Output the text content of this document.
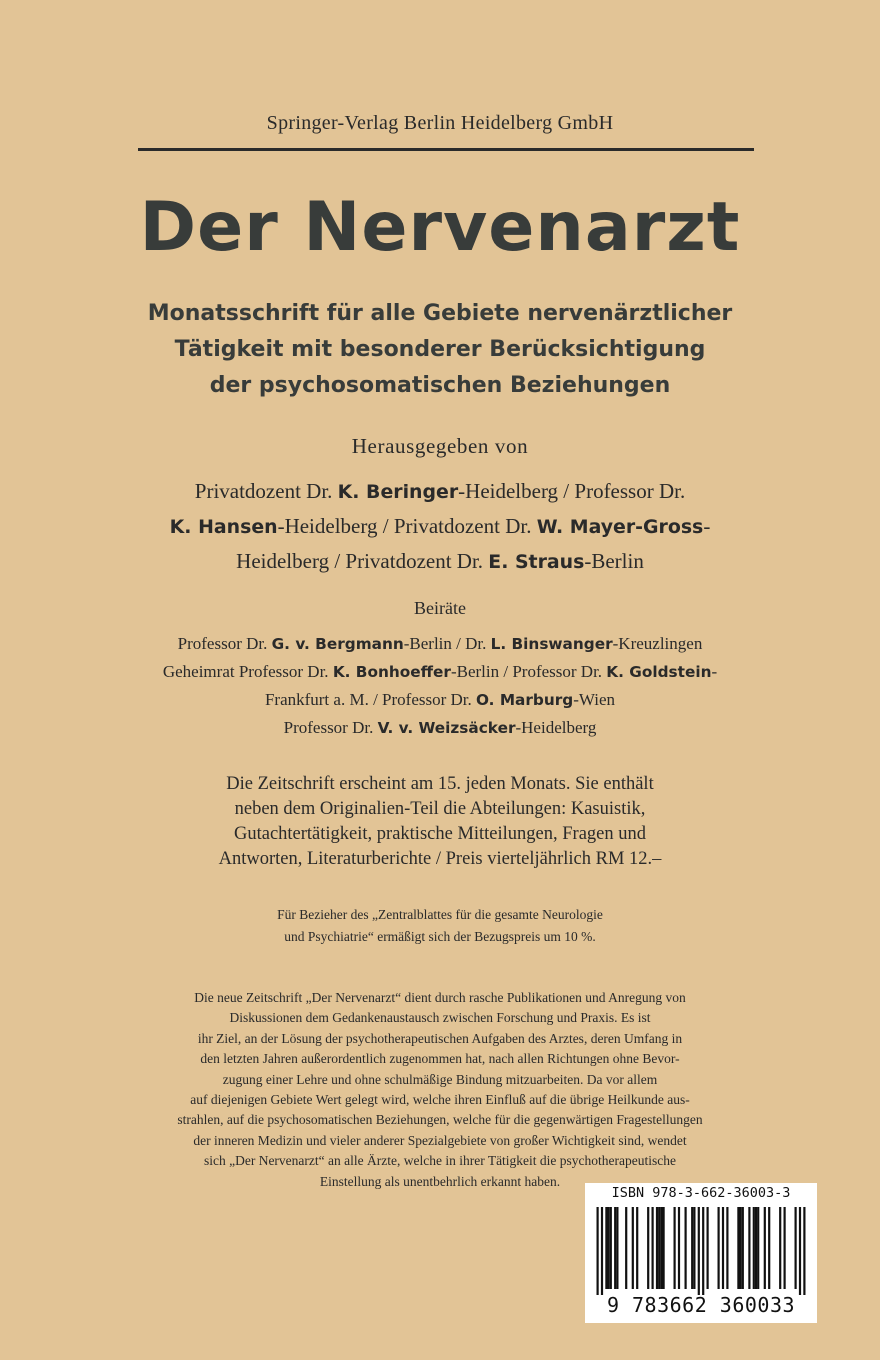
Springer-Verlag Berlin Heidelberg GmbH
Der Nervenarzt
Monatsschrift für alle Gebiete nervenärztlicher
Tätigkeit mit besonderer Berücksichtigung
der psychosomatischen Beziehungen
Herausgegeben von
Privatdozent Dr. K. Beringer-Heidelberg / Professor Dr.
K. Hansen-Heidelberg / Privatdozent Dr. W. Mayer-Gross-
Heidelberg / Privatdozent Dr. E. Straus-Berlin
Beiräte
Professor Dr. G. v. Bergmann-Berlin / Dr. L. Binswanger-Kreuzlingen
Geheimrat Professor Dr. K. Bonhoeffer-Berlin / Professor Dr. K. Goldstein-
Frankfurt a. M. / Professor Dr. O. Marburg-Wien
Professor Dr. V. v. Weizsäcker-Heidelberg
Die Zeitschrift erscheint am 15. jeden Monats. Sie enthält
neben dem Originalien-Teil die Abteilungen: Kasuistik,
Gutachtertätigkeit, praktische Mitteilungen, Fragen und
Antworten, Literaturberichte / Preis vierteljährlich RM 12.–
Für Bezieher des „Zentralblattes für die gesamte Neurologie
und Psychiatrie“ ermäßigt sich der Bezugspreis um 10 %.
Die neue Zeitschrift „Der Nervenarzt“ dient durch rasche Publikationen und Anregung von
Diskussionen dem Gedankenaustausch zwischen Forschung und Praxis. Es ist
ihr Ziel, an der Lösung der psychotherapeutischen Aufgaben des Arztes, deren Umfang in
den letzten Jahren außerordentlich zugenommen hat, nach allen Richtungen ohne Bevor-
zugung einer Lehre und ohne schulmäßige Bindung mitzuarbeiten. Da vor allem
auf diejenigen Gebiete Wert gelegt wird, welche ihren Einfluß auf die übrige Heilkunde aus-
strahlen, auf die psychosomatischen Beziehungen, welche für die gegenwärtigen Fragestellungen
der inneren Medizin und vieler anderer Spezialgebiete von großer Wichtigkeit sind, wendet
sich „Der Nervenarzt“ an alle Ärzte, welche in ihrer Tätigkeit die psychotherapeutische
Einstellung als unentbehrlich erkannt haben.
ISBN 978-3-662-36003-3
9 783662 360033
